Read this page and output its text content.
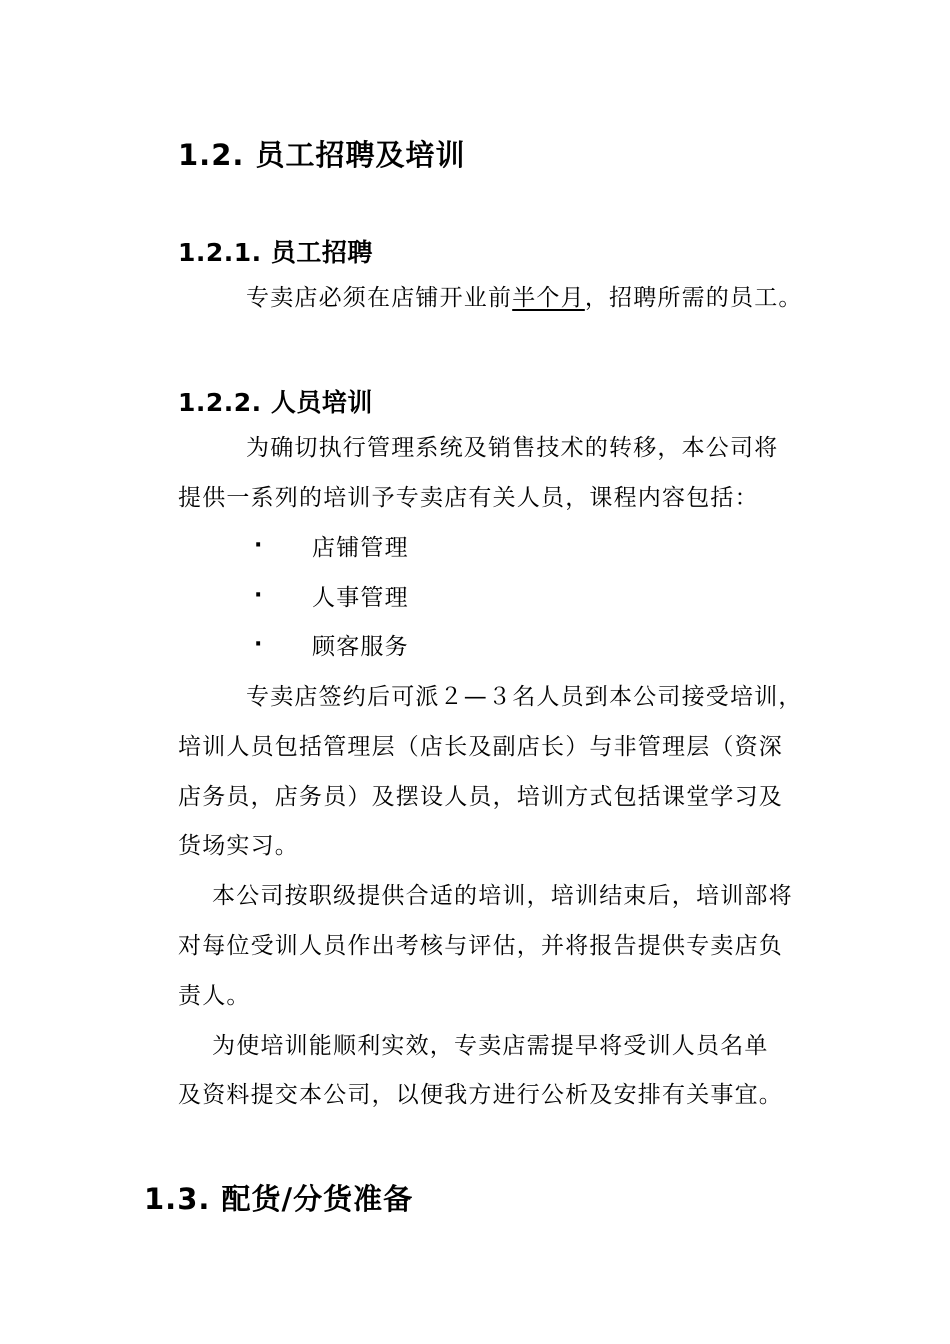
1.2. 员工招聘及培训
1.2.1. 员工招聘
专卖店必须在店铺开业前半个月，招聘所需的员工。
1.2.2. 人员培训
为确切执行管理系统及销售技术的转移，本公司将
提供一系列的培训予专卖店有关人员，课程内容包括：
· 店铺管理
· 人事管理
· 顾客服务
专卖店签约后可派２—３名人员到本公司接受培训，
培训人员包括管理层（店长及副店长）与非管理层（资深
店务员，店务员）及摆设人员，培训方式包括课堂学习及
货场实习。
本公司按职级提供合适的培训，培训结束后，培训部将
对每位受训人员作出考核与评估，并将报告提供专卖店负
责人。
为使培训能顺利实效，专卖店需提早将受训人员名单
及资料提交本公司，以便我方进行公析及安排有关事宜。
1.3. 配货/分货准备
